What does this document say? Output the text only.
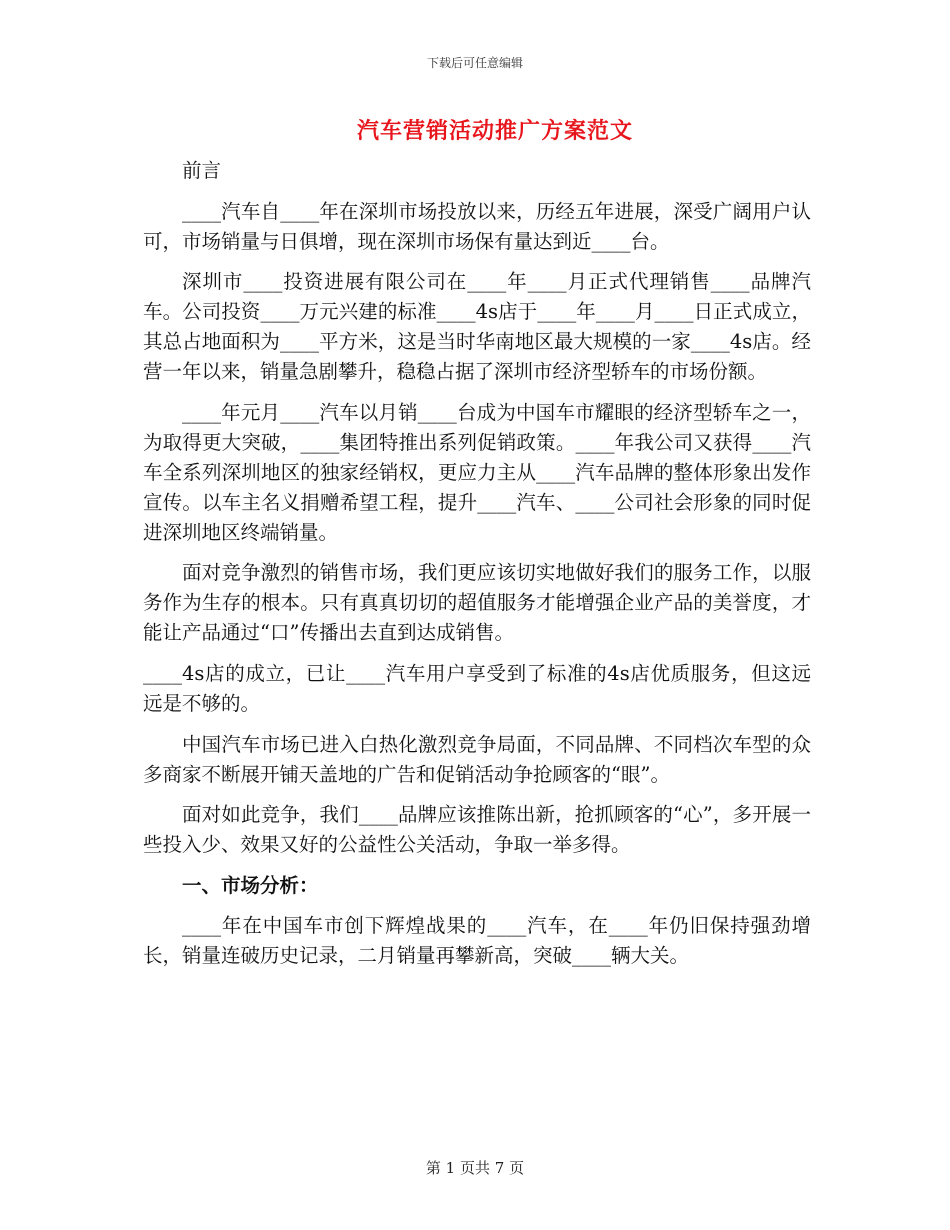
下载后可任意编辑
汽车营销活动推广方案范文

前言

____汽车自____年在深圳市场投放以来，历经五年进展，深受广阔用户认可，市场销量与日俱增，现在深圳市场保有量达到近____台。

深圳市____投资进展有限公司在____年____月正式代理销售____品牌汽车。公司投资____万元兴建的标准____4s店于____年____月____日正式成立，其总占地面积为____平方米，这是当时华南地区最大规模的一家____4s店。经营一年以来，销量急剧攀升，稳稳占据了深圳市经济型轿车的市场份额。

____年元月____汽车以月销____台成为中国车市耀眼的经济型轿车之一，为取得更大突破，____集团特推出系列促销政策。____年我公司又获得____汽车全系列深圳地区的独家经销权，更应力主从____汽车品牌的整体形象出发作宣传。以车主名义捐赠希望工程，提升____汽车、____公司社会形象的同时促进深圳地区终端销量。

面对竞争激烈的销售市场，我们更应该切实地做好我们的服务工作，以服务作为生存的根本。只有真真切切的超值服务才能增强企业产品的美誉度，才能让产品通过“口”传播出去直到达成销售。

____4s店的成立，已让____汽车用户享受到了标准的4s店优质服务，但这远远是不够的。

中国汽车市场已进入白热化激烈竞争局面，不同品牌、不同档次车型的众多商家不断展开铺天盖地的广告和促销活动争抢顾客的“眼”。

面对如此竞争，我们____品牌应该推陈出新，抢抓顾客的“心”，多开展一些投入少、效果又好的公益性公关活动，争取一举多得。

一、市场分析：

____年在中国车市创下辉煌战果的____汽车，在____年仍旧保持强劲增长，销量连破历史记录，二月销量再攀新高，突破____辆大关。

第 1 页共 7 页
